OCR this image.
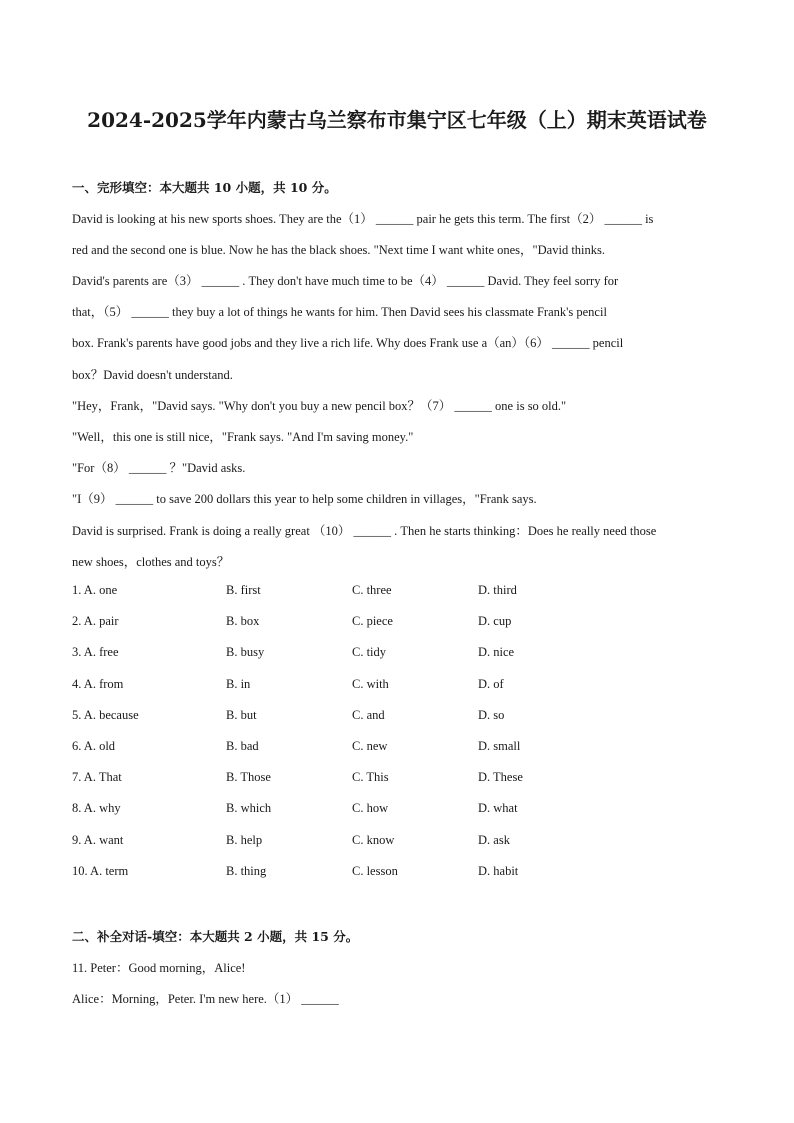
2024-2025学年内蒙古乌兰察布市集宁区七年级（上）期末英语试卷
一、完形填空：本大题共 10 小题，共 10 分。
David is looking at his new sports shoes. They are the（1） ______ pair he gets this term. The first（2） ______ is
red and the second one is blue. Now he has the black shoes. "Next time I want white ones，"David thinks.
David's parents are（3） ______ . They don't have much time to be（4） ______ David. They feel sorry for
that，（5） ______ they buy a lot of things he wants for him. Then David sees his classmate Frank's pencil
box. Frank's parents have good jobs and they live a rich life. Why does Frank use a（an）（6） ______ pencil
box？David doesn't understand.
"Hey，Frank，"David says. "Why don't you buy a new pencil box？（7） ______ one is so old."
"Well，this one is still nice，"Frank says. "And I'm saving money."
"For（8） ______ ？"David asks.
"I（9） ______ to save 200 dollars this year to help some children in villages，"Frank says.
David is surprised. Frank is doing a really great （10） ______ . Then he starts thinking：Does he really need those
new shoes，clothes and toys？
1. A. one	B. first	C. three	D. third
2. A. pair	B. box	C. piece	D. cup
3. A. free	B. busy	C. tidy	D. nice
4. A. from	B. in	C. with	D. of
5. A. because	B. but	C. and	D. so
6. A. old	B. bad	C. new	D. small
7. A. That	B. Those	C. This	D. These
8. A. why	B. which	C. how	D. what
9. A. want	B. help	C. know	D. ask
10. A. term	B. thing	C. lesson	D. habit
二、补全对话-填空：本大题共 2 小题，共 15 分。
11. Peter：Good morning，Alice!
Alice：Morning，Peter. I'm new here.（1） ______
